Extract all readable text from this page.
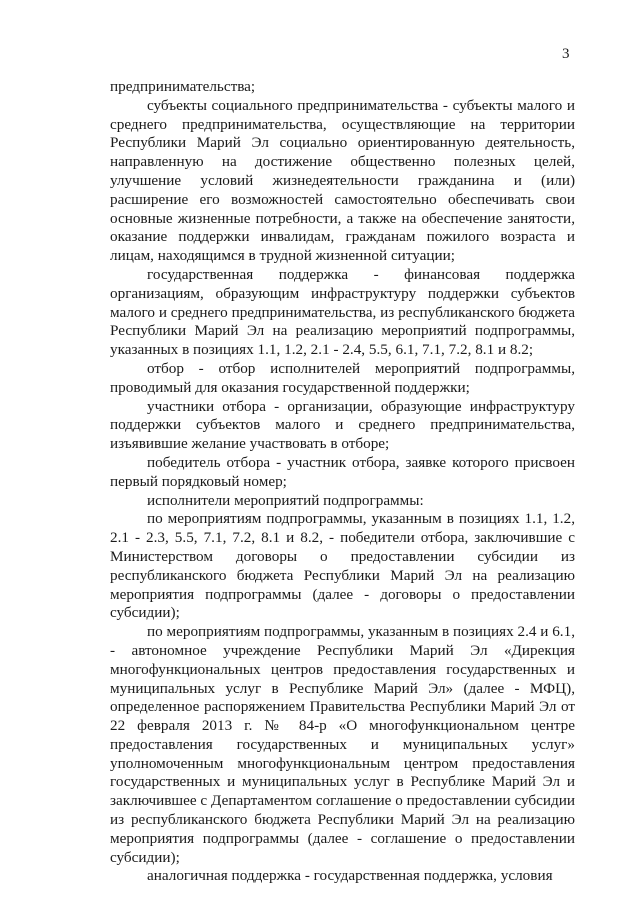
3

предпринимательства;

субъекты социального предпринимательства - субъекты малого и среднего предпринимательства, осуществляющие на территории Республики Марий Эл социально ориентированную деятельность, направленную на достижение общественно полезных целей, улучшение условий жизнедеятельности гражданина и (или) расширение его возможностей самостоятельно обеспечивать свои основные жизненные потребности, а также на обеспечение занятости, оказание поддержки инвалидам, гражданам пожилого возраста и лицам, находящимся в трудной жизненной ситуации;

государственная поддержка - финансовая поддержка организациям, образующим инфраструктуру поддержки субъектов малого и среднего предпринимательства, из республиканского бюджета Республики Марий Эл на реализацию мероприятий подпрограммы, указанных в позициях 1.1, 1.2, 2.1 - 2.4, 5.5, 6.1, 7.1, 7.2, 8.1 и 8.2;

отбор - отбор исполнителей мероприятий подпрограммы, проводимый для оказания государственной поддержки;

участники отбора - организации, образующие инфраструктуру поддержки субъектов малого и среднего предпринимательства, изъявившие желание участвовать в отборе;

победитель отбора - участник отбора, заявке которого присвоен первый порядковый номер;

исполнители мероприятий подпрограммы:

по мероприятиям подпрограммы, указанным в позициях 1.1, 1.2, 2.1 - 2.3, 5.5, 7.1, 7.2, 8.1 и 8.2, - победители отбора, заключившие с Министерством договоры о предоставлении субсидии из республиканского бюджета Республики Марий Эл на реализацию мероприятия подпрограммы (далее - договоры о предоставлении субсидии);

по мероприятиям подпрограммы, указанным в позициях 2.4 и 6.1, - автономное учреждение Республики Марий Эл «Дирекция многофункциональных центров предоставления государственных и муниципальных услуг в Республике Марий Эл» (далее - МФЦ), определенное распоряжением Правительства Республики Марий Эл от 22 февраля 2013 г. № 84-р «О многофункциональном центре предоставления государственных и муниципальных услуг» уполномоченным многофункциональным центром предоставления государственных и муниципальных услуг в Республике Марий Эл и заключившее с Департаментом соглашение о предоставлении субсидии из республиканского бюджета Республики Марий Эл на реализацию мероприятия подпрограммы (далее - соглашение о предоставлении субсидии);

аналогичная поддержка - государственная поддержка, условия
